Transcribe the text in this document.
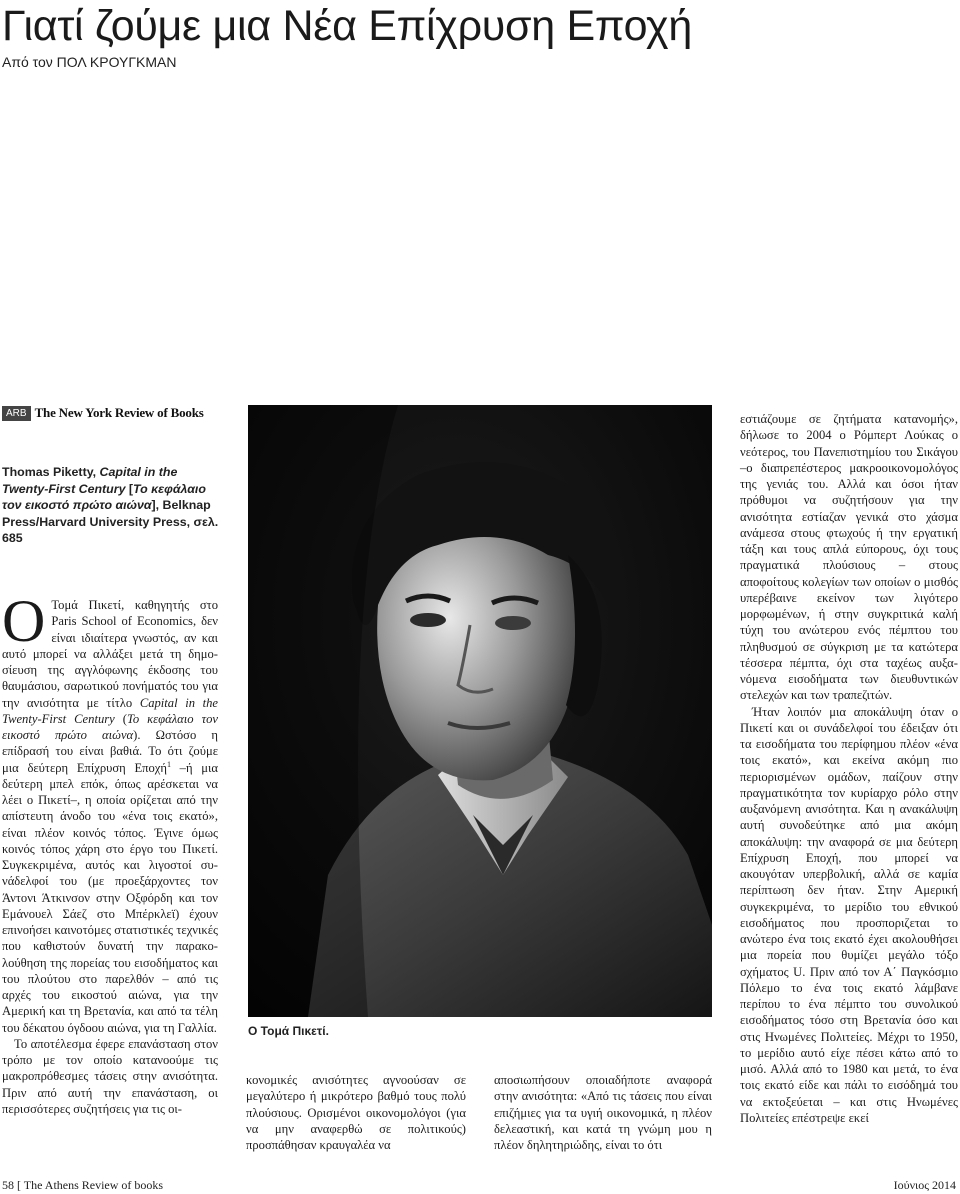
Γιατί ζούμε μια Νέα Επίχρυση Εποχή
Από τον ΠΟΛ ΚΡΟΥΓΚΜΑΝ
ARB The New York Review of Books
Thomas Piketty, Capital in the Twenty-First Century [Το κεφάλαιο τον εικοστό πρώτο αιώνα], Belknap Press/Harvard University Press, σελ. 685

Ο Τομά Πικετί, καθηγητής στο Paris School of Economics, δεν είναι ιδιαίτερα γνωστός, αν και αυτό μπορεί να αλλάξει μετά τη δημοσίευση της αγγλόφωνης έκδοσης του θαυμάσιου, σαρωτικού πονήματός του για την ανισότητα με τίτλο Capital in the Twenty-First Century (Το κεφάλαιο τον εικοστό πρώτο αιώνα). Ωστόσο η επίδρασή του είναι βαθιά. Το ότι ζούμε μια δεύτερη Επίχρυση Εποχή$^1$ –ή μια δεύτερη μπελ επόκ, όπως αρέσκεται να λέει ο Πικετί–, η οποία ορίζεται από την απίστευτη άνοδο του «ένα τοις εκατό», είναι πλέον κοινός τόπος. Έγινε όμως κοινός τόπος χάρη στο έργο του Πικετί. Συγκεκριμένα, αυτός και λιγοστοί συνάδελφοί του (με προεξάρχοντες τον Άντονι Άτκινσον στην Οξφόρδη και τον Εμάνουελ Σάεζ στο Μπέρκλεϊ) έχουν επινοήσει καινοτόμες στατιστικές τεχνικές που καθιστούν δυνατή την παρακολούθηση της πορείας του εισοδήματος και του πλούτου στο παρελθόν – από τις αρχές του εικοστού αιώνα, για την Αμερική και τη Βρετανία, και από τα τέλη του δέκατου όγδοου αιώνα, για τη Γαλλία.

Το αποτέλεσμα έφερε επανάσταση στον τρόπο με τον οποίο κατανοούμε τις μακροπρόθεσμες τάσεις στην ανισότητα. Πριν από αυτή την επανάσταση, οι περισσότερες συζητήσεις για τις οι-

Ο Τομά Πικετί.

κονομικές ανισότητες αγνοούσαν σε μεγαλύτερο ή μικρότερο βαθμό τους πολύ πλούσιους. Ορισμένοι οικονομολόγοι (για να μην αναφερθώ σε πολιτικούς) προσπάθησαν κραυγαλέα να

αποσιωπήσουν οποιαδήποτε αναφορά στην ανισότητα: «Από τις τάσεις που είναι επιζήμιες για τα υγιή οικονομικά, η πλέον δελεαστική, και κατά τη γνώμη μου η πλέον δηλητηριώδης, είναι το ότι

εστιάζουμε σε ζητήματα κατανομής», δήλωσε το 2004 ο Ρόμπερτ Λούκας ο νεότερος, του Πανεπιστημίου του Σικάγου –ο διαπρεπέστερος μακροοικονομολόγος της γενιάς του. Αλλά και όσοι ήταν πρόθυμοι να συζητήσουν για την ανισότητα εστίαζαν γενικά στο χάσμα ανάμεσα στους φτωχούς ή την εργατική τάξη και τους απλά εύπορους, όχι τους πραγματικά πλούσιους – στους αποφοίτους κολεγίων των οποίων ο μισθός υπερέβαινε εκείνον των λιγότερο μορφωμένων, ή στην συγκριτικά καλή τύχη του ανώτερου ενός πέμπτου του πληθυσμού σε σύγκριση με τα κατώτερα τέσσερα πέμπτα, όχι στα ταχέως αυξανόμενα εισοδήματα των διευθυντικών στελεχών και των τραπεζιτών.

Ήταν λοιπόν μια αποκάλυψη όταν ο Πικετί και οι συνάδελφοί του έδειξαν ότι τα εισοδήματα του περίφημου πλέον «ένα τοις εκατό», και εκείνα ακόμη πιο περιορισμένων ομάδων, παίζουν στην πραγματικότητα τον κυρίαρχο ρόλο στην αυξανόμενη ανισότητα. Και η ανακάλυψη αυτή συνοδεύτηκε από μια ακόμη αποκάλυψη: την αναφορά σε μια δεύτερη Επίχρυση Εποχή, που μπορεί να ακουγόταν υπερβολική, αλλά σε καμία περίπτωση δεν ήταν. Στην Αμερική συγκεκριμένα, το μερίδιο του εθνικού εισοδήματος που προσποριζεται το ανώτερο ένα τοις εκατό έχει ακολουθήσει μια πορεία που θυμίζει μεγάλο τόξο σχήματος U. Πριν από τον Α΄ Παγκόσμιο Πόλεμο το ένα τοις εκατό λάμβανε περίπου το ένα πέμπτο του συνολικού εισοδήματος τόσο στη Βρετανία όσο και στις Ηνωμένες Πολιτείες. Μέχρι το 1950, το μερίδιο αυτό είχε πέσει κάτω από το μισό. Αλλά από το 1980 και μετά, το ένα τοις εκατό είδε και πάλι το εισόδημά του να εκτοξεύεται – και στις Ηνωμένες Πολιτείες επέστρεψε εκεί

58 [ The Athens Review of books	Ιούνιος 2014
